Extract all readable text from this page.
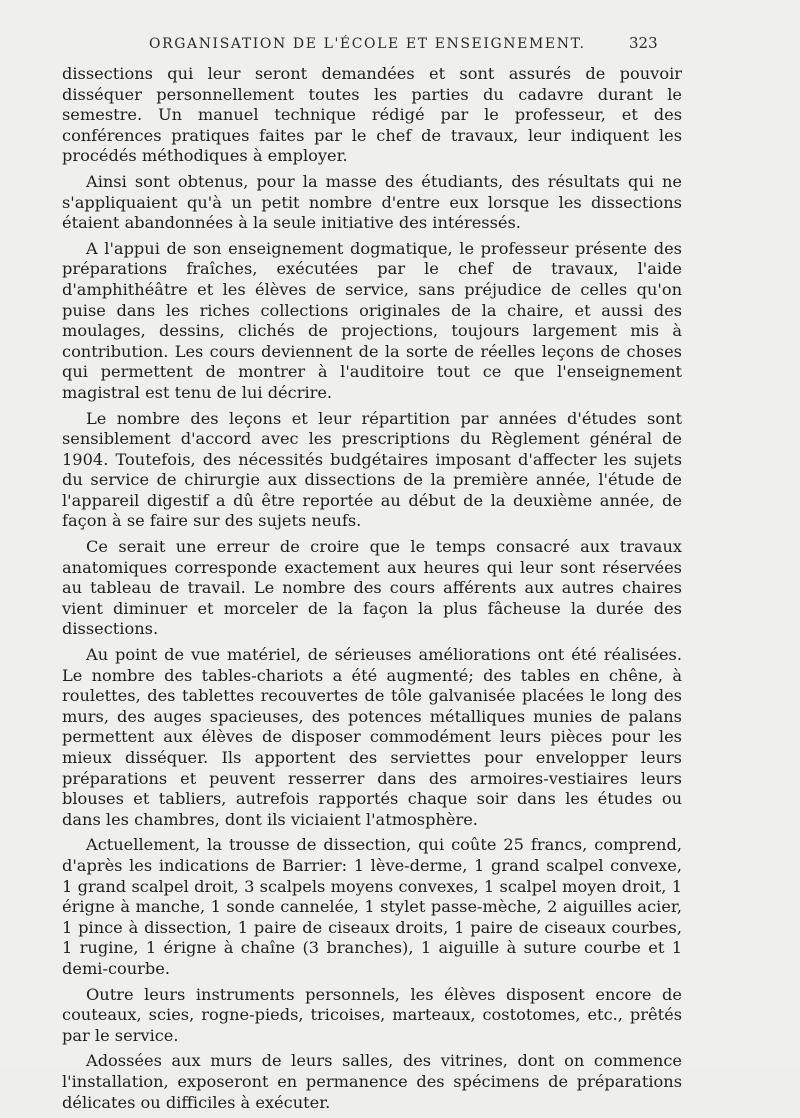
ORGANISATION DE L'ÉCOLE ET ENSEIGNEMENT.	323

dissections qui leur seront demandées et sont assurés de pouvoir disséquer personnellement toutes les parties du cadavre durant le semestre. Un manuel technique rédigé par le professeur, et des conférences pratiques faites par le chef de travaux, leur indiquent les procédés méthodiques à employer.

Ainsi sont obtenus, pour la masse des étudiants, des résultats qui ne s'appliquaient qu'à un petit nombre d'entre eux lorsque les dissections étaient abandonnées à la seule initiative des intéressés.

A l'appui de son enseignement dogmatique, le professeur présente des préparations fraîches, exécutées par le chef de travaux, l'aide d'amphithéâtre et les élèves de service, sans préjudice de celles qu'on puise dans les riches collections originales de la chaire, et aussi des moulages, dessins, clichés de projections, toujours largement mis à contribution. Les cours deviennent de la sorte de réelles leçons de choses qui permettent de montrer à l'auditoire tout ce que l'enseignement magistral est tenu de lui décrire.

Le nombre des leçons et leur répartition par années d'études sont sensiblement d'accord avec les prescriptions du Règlement général de 1904. Toutefois, des nécessités budgétaires imposant d'affecter les sujets du service de chirurgie aux dissections de la première année, l'étude de l'appareil digestif a dû être reportée au début de la deuxième année, de façon à se faire sur des sujets neufs.

Ce serait une erreur de croire que le temps consacré aux travaux anatomiques corresponde exactement aux heures qui leur sont réservées au tableau de travail. Le nombre des cours afférents aux autres chaires vient diminuer et morceler de la façon la plus fâcheuse la durée des dissections.

Au point de vue matériel, de sérieuses améliorations ont été réalisées. Le nombre des tables-chariots a été augmenté; des tables en chêne, à roulettes, des tablettes recouvertes de tôle galvanisée placées le long des murs, des auges spacieuses, des potences métalliques munies de palans permettent aux élèves de disposer commodément leurs pièces pour les mieux disséquer. Ils apportent des serviettes pour envelopper leurs préparations et peuvent resserrer dans des armoires-vestiaires leurs blouses et tabliers, autrefois rapportés chaque soir dans les études ou dans les chambres, dont ils viciaient l'atmosphère.

Actuellement, la trousse de dissection, qui coûte 25 francs, comprend, d'après les indications de Barrier: 1 lève-derme, 1 grand scalpel convexe, 1 grand scalpel droit, 3 scalpels moyens convexes, 1 scalpel moyen droit, 1 érigne à manche, 1 sonde cannelée, 1 stylet passe-mèche, 2 aiguilles acier, 1 pince à dissection, 1 paire de ciseaux droits, 1 paire de ciseaux courbes, 1 rugine, 1 érigne à chaîne (3 branches), 1 aiguille à suture courbe et 1 demi-courbe.

Outre leurs instruments personnels, les élèves disposent encore de couteaux, scies, rogne-pieds, tricoises, marteaux, costotomes, etc., prêtés par le service.

Adossées aux murs de leurs salles, des vitrines, dont on commence l'installation, exposeront en permanence des spécimens de préparations délicates ou difficiles à exécuter.
